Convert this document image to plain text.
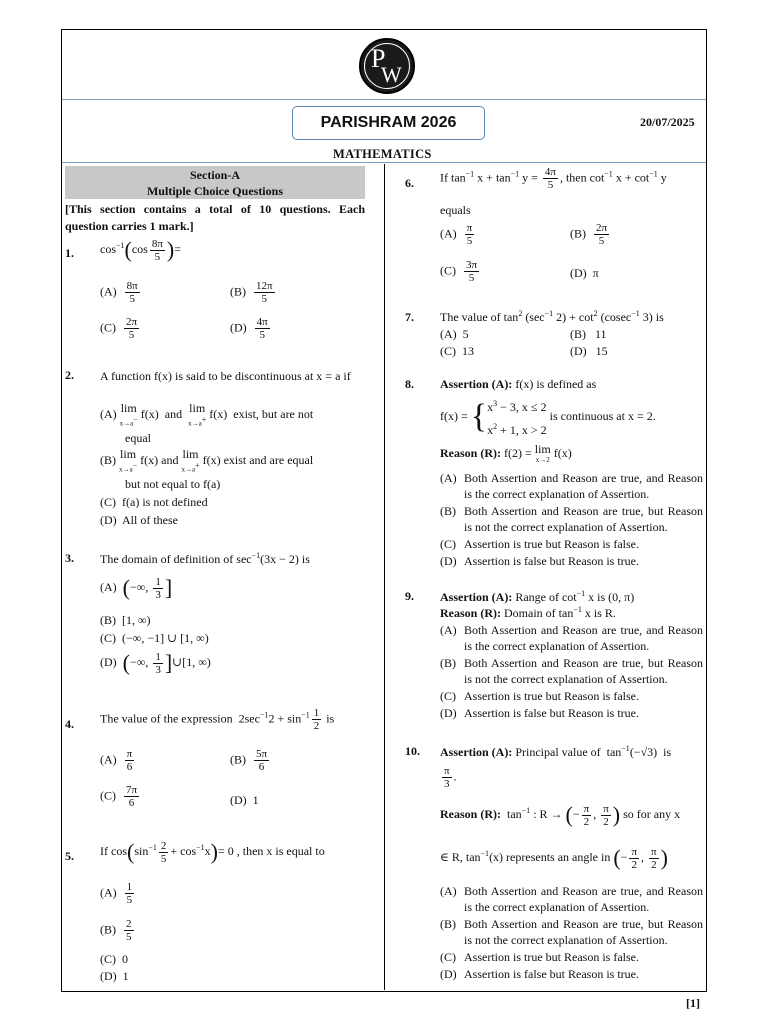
P
W
PARISHRAM 2026	20/07/2025
MATHEMATICS
Section-A
Multiple Choice Questions
[This section contains a total of 10 questions. Each question carries 1 mark.]
1. $\cos^{-1}(\cos \frac{8\pi}{5}$ )=
$(A) \frac{8\pi}{5}$	$(B) \frac{12\pi}{5}$
$(C) \frac{2\pi}{5}$	$(D) \frac{4\pi}{5}$
2. A function f(x) is said to be discontinuous at x = a if
(A) lim
x→a− f(x)  and lim
x→a+ f(x)  exist, but are not
equal
(B) lim
x→a− f(x) and lim
x→a+ f(x) exist and are equal
but not equal to f(a)
(C)  f(a) is not defined
(D)  All of these
3. The domain of definition of $\sec^{-1}(3x - 2)$ is
(A)  (−∞, $\frac{1}{3}$ ]
(B)  [1, ∞)
(C)  (−∞, −1] ∪ [1, ∞)
(D)  (−∞, $\frac{1}{3}$ ]∪[1, ∞)
4. The value of the expression  $2\sec^{-1}2 + \sin^{-1} \frac{1}{2}$ is
$(A) \frac{\pi}{6}$	$(B) \frac{5\pi}{6}$
$(C) \frac{7\pi}{6}$	(D)  1
5. If $\cos(\sin^{-1} \frac{2}{5} + \cos^{-1}x)= 0$ , then x is equal to
$(A) \frac{1}{5}$
$(B) \frac{2}{5}$
(C)  0
(D)  1
6. If $\tan^{-1} x + \tan^{-1} y = \frac{4\pi}{5}$ , then $\cot^{-1} x + \cot^{-1} y$
equals
$(A) \frac{\pi}{5}$	$(B) \frac{2\pi}{5}$
$(C) \frac{3\pi}{5}$	(D)  π
7. The value of $\tan^2 (\sec^{-1}$ $2) + \cot^2 (cosec^{-1}$ 3) is
(A)  5	(B)   11
(C)  13	(D)   15
8. Assertion (A): f(x) is defined as
$f(x) = \{x^3 - 3$, x ≤ 2
$x^2 + 1$, x > 2 is continuous at x = 2.
Reason (R): f(2) = lim
x→2
f(x)
(A) Both Assertion and Reason are true, and Reason is the correct explanation of Assertion.
(B) Both Assertion and Reason are true, but Reason is not the correct explanation of Assertion.
(C) Assertion is true but Reason is false.
(D) Assertion is false but Reason is true.
9. Assertion (A): Range of $\cot^{-1} x$ is (0, π)
Reason (R): Domain of $\tan^{-1} x$ is R.
(A) Both Assertion and Reason are true, and Reason is the correct explanation of Assertion.
(B) Both Assertion and Reason are true, but Reason is not the correct explanation of Assertion.
(C) Assertion is true but Reason is false.
(D) Assertion is false but Reason is true.
10. Assertion (A): Principal value of  $\tan^{-1}(-√3)$  is
$\frac{\pi}{3}$ .
Reason (R):  $\tan^{-1}$ : R → (− $\frac{\pi}{2}$ , $\frac{\pi}{2}$ ) so for any x
∈ R, $\tan^{-1}(x)$ represents an angle in (− $\frac{\pi}{2}$ , $\frac{\pi}{2}$ )
(A) Both Assertion and Reason are true, and Reason is the correct explanation of Assertion.
(B) Both Assertion and Reason are true, but Reason is not the correct explanation of Assertion.
(C) Assertion is true but Reason is false.
(D) Assertion is false but Reason is true.
[1]
